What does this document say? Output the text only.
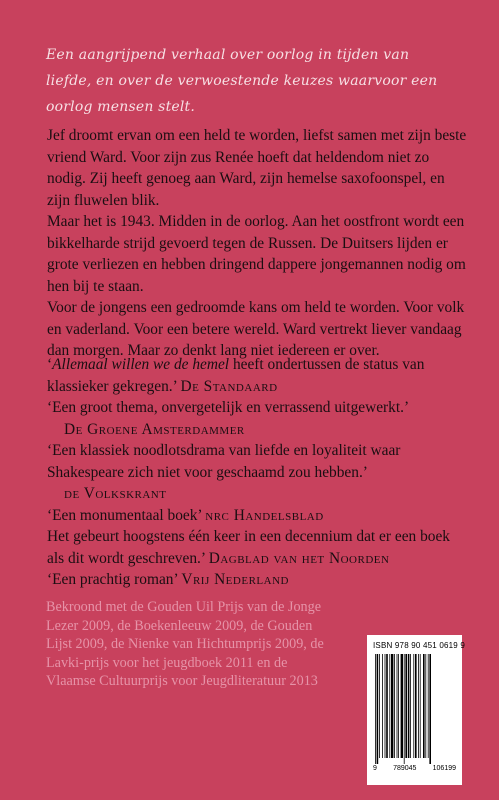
Een aangrijpend verhaal over oorlog in tijden van liefde, en over de verwoestende keuzes waarvoor een oorlog mensen stelt.

Jef droomt ervan om een held te worden, liefst samen met zijn beste vriend Ward. Voor zijn zus Renée hoeft dat heldendom niet zo nodig. Zij heeft genoeg aan Ward, zijn hemelse saxofoonspel, en zijn fluwelen blik.

Maar het is 1943. Midden in de oorlog. Aan het oostfront wordt een bikkelharde strijd gevoerd tegen de Russen. De Duitsers lijden er grote verliezen en hebben dringend dappere jongemannen nodig om hen bij te staan.

Voor de jongens een gedroomde kans om held te worden. Voor volk en vaderland. Voor een betere wereld. Ward vertrekt liever vandaag dan morgen. Maar zo denkt lang niet iedereen er over.

‘Allemaal willen we de hemel heeft ondertussen de status van klassieker gekregen.’ De Standaard

‘Een groot thema, onvergetelijk en verrassend uitgewerkt.’
De Groene Amsterdammer

‘Een klassiek noodlotsdrama van liefde en loyaliteit waar Shakespeare zich niet voor geschaamd zou hebben.’
de Volkskrant

‘Een monumentaal boek’ nrc Handelsblad

Het gebeurt hoogstens één keer in een decennium dat er een boek als dit wordt geschreven.’ Dagblad van het Noorden

‘Een prachtig roman’ Vrij Nederland

Bekroond met de Gouden Uil Prijs van de Jonge Lezer 2009, de Boekenleeuw 2009, de Gouden Lijst 2009, de Nienke van Hichtumprijs 2009, de Lavki-prijs voor het jeugdboek 2011 en de Vlaamse Cultuurprijs voor Jeugdliteratuur 2013
ISBN 978 90 451 0619 9
9 789045 106199
